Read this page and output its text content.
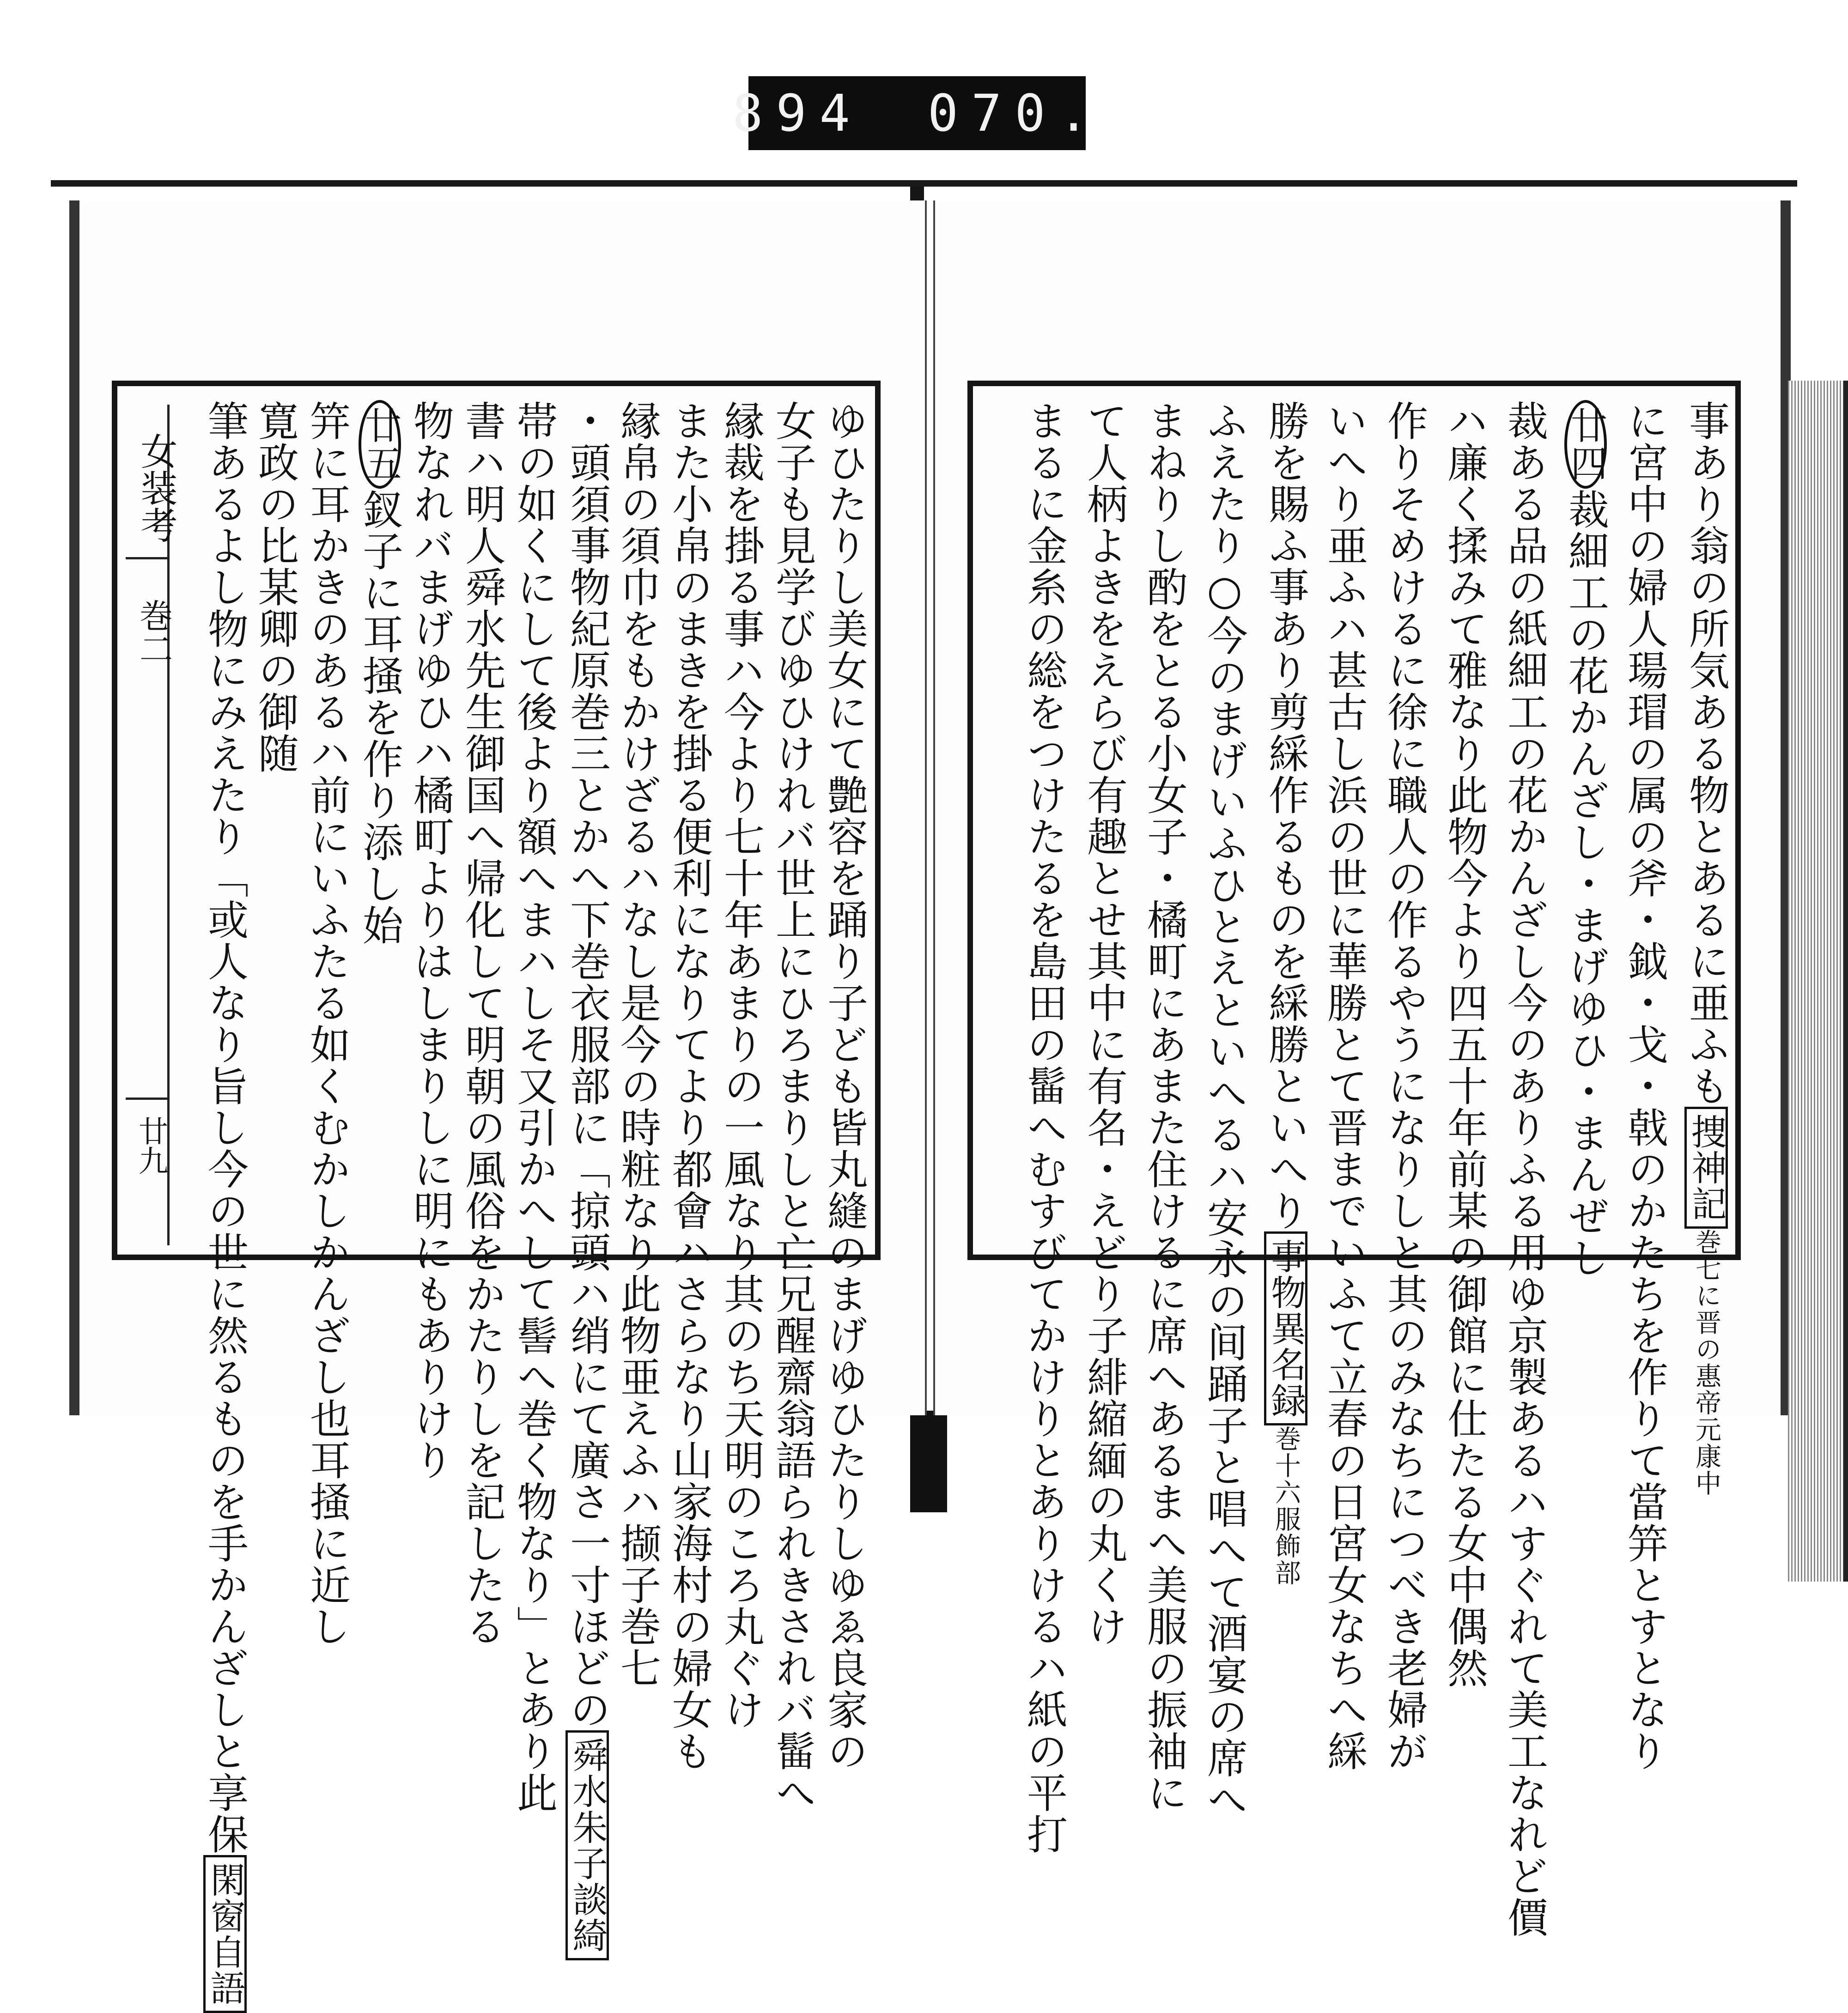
894 070.
女装考
巻二
廿九	ゆひたりし美女にて艶容を踊り子ども皆丸縫のまげゆひたりしゆゑ良家の
女子も見学びゆひけれバ世上にひろまりしと亡兄醒齋翁語られきされバ髷へ
縁裁を掛る事ハ今より七十年あまりの一風なり其のち天明のころ丸ぐけ
また小帛のまきを掛る便利になりてより都會ハさらなり山家海村の婦女も
縁帛の須巾をもかけざるハなし是今の時粧なり此物亜えふハ撷子巻七
・頭須事物紀原巻三とかへ下巻衣服部に「掠頭ハ绡にて廣さ一寸ほどの舜水朱子談綺
帯の如くにして後より額へまハしそ又引かへして髻へ巻く物なり」とあり此
書ハ明人舜水先生御国へ帰化して明朝の風俗をかたりしを記したる
物なれバまげゆひハ橘町よりはしまりしに明にもありけり
廿五釵子に耳掻を作り添し始
笄に耳かきのあるハ前にいふたる如くむかしかんざし也耳掻に近し
寛政の比某卿の御随
筆あるよし物にみえたり「或人なり旨し今の世に然るものを手かんざしと享保閑窗自語
事あり翁の所気ある物とあるに亜ふも捜神記巻七に晋の惠帝元康中
に宮中の婦人瑒瑁の属の斧・鉞・戈・戟のかたちを作りて當笄とすとなり
廿四裁細工の花かんざし・まげゆひ・まんぜし
裁ある品の紙細工の花かんざし今のありふる用ゆ京製あるハすぐれて美工なれど價
ハ廉く揉みて雅なり此物今より四五十年前某の御館に仕たる女中偶然
作りそめけるに徐に職人の作るやうになりしと其のみなちにつべき老婦が
いへり亜ふハ甚古し浜の世に華勝とて晋までいふて立春の日宮女なちへ綵
勝を賜ふ事あり剪綵作るものを綵勝といへり事物異名録巻十六服飾部
ふえたり○今のまげいふひとえといへるハ安永の间踊子と唱へて酒宴の席へ
まねりし酌をとる小女子・橘町にあまた住けるに席へあるまへ美服の振袖に
て人柄よきをえらび有趣とせ其中に有名・えどり子緋縮緬の丸くけ
まるに金糸の総をつけたるを島田の髷へむすびてかけりとありけるハ紙の平打
